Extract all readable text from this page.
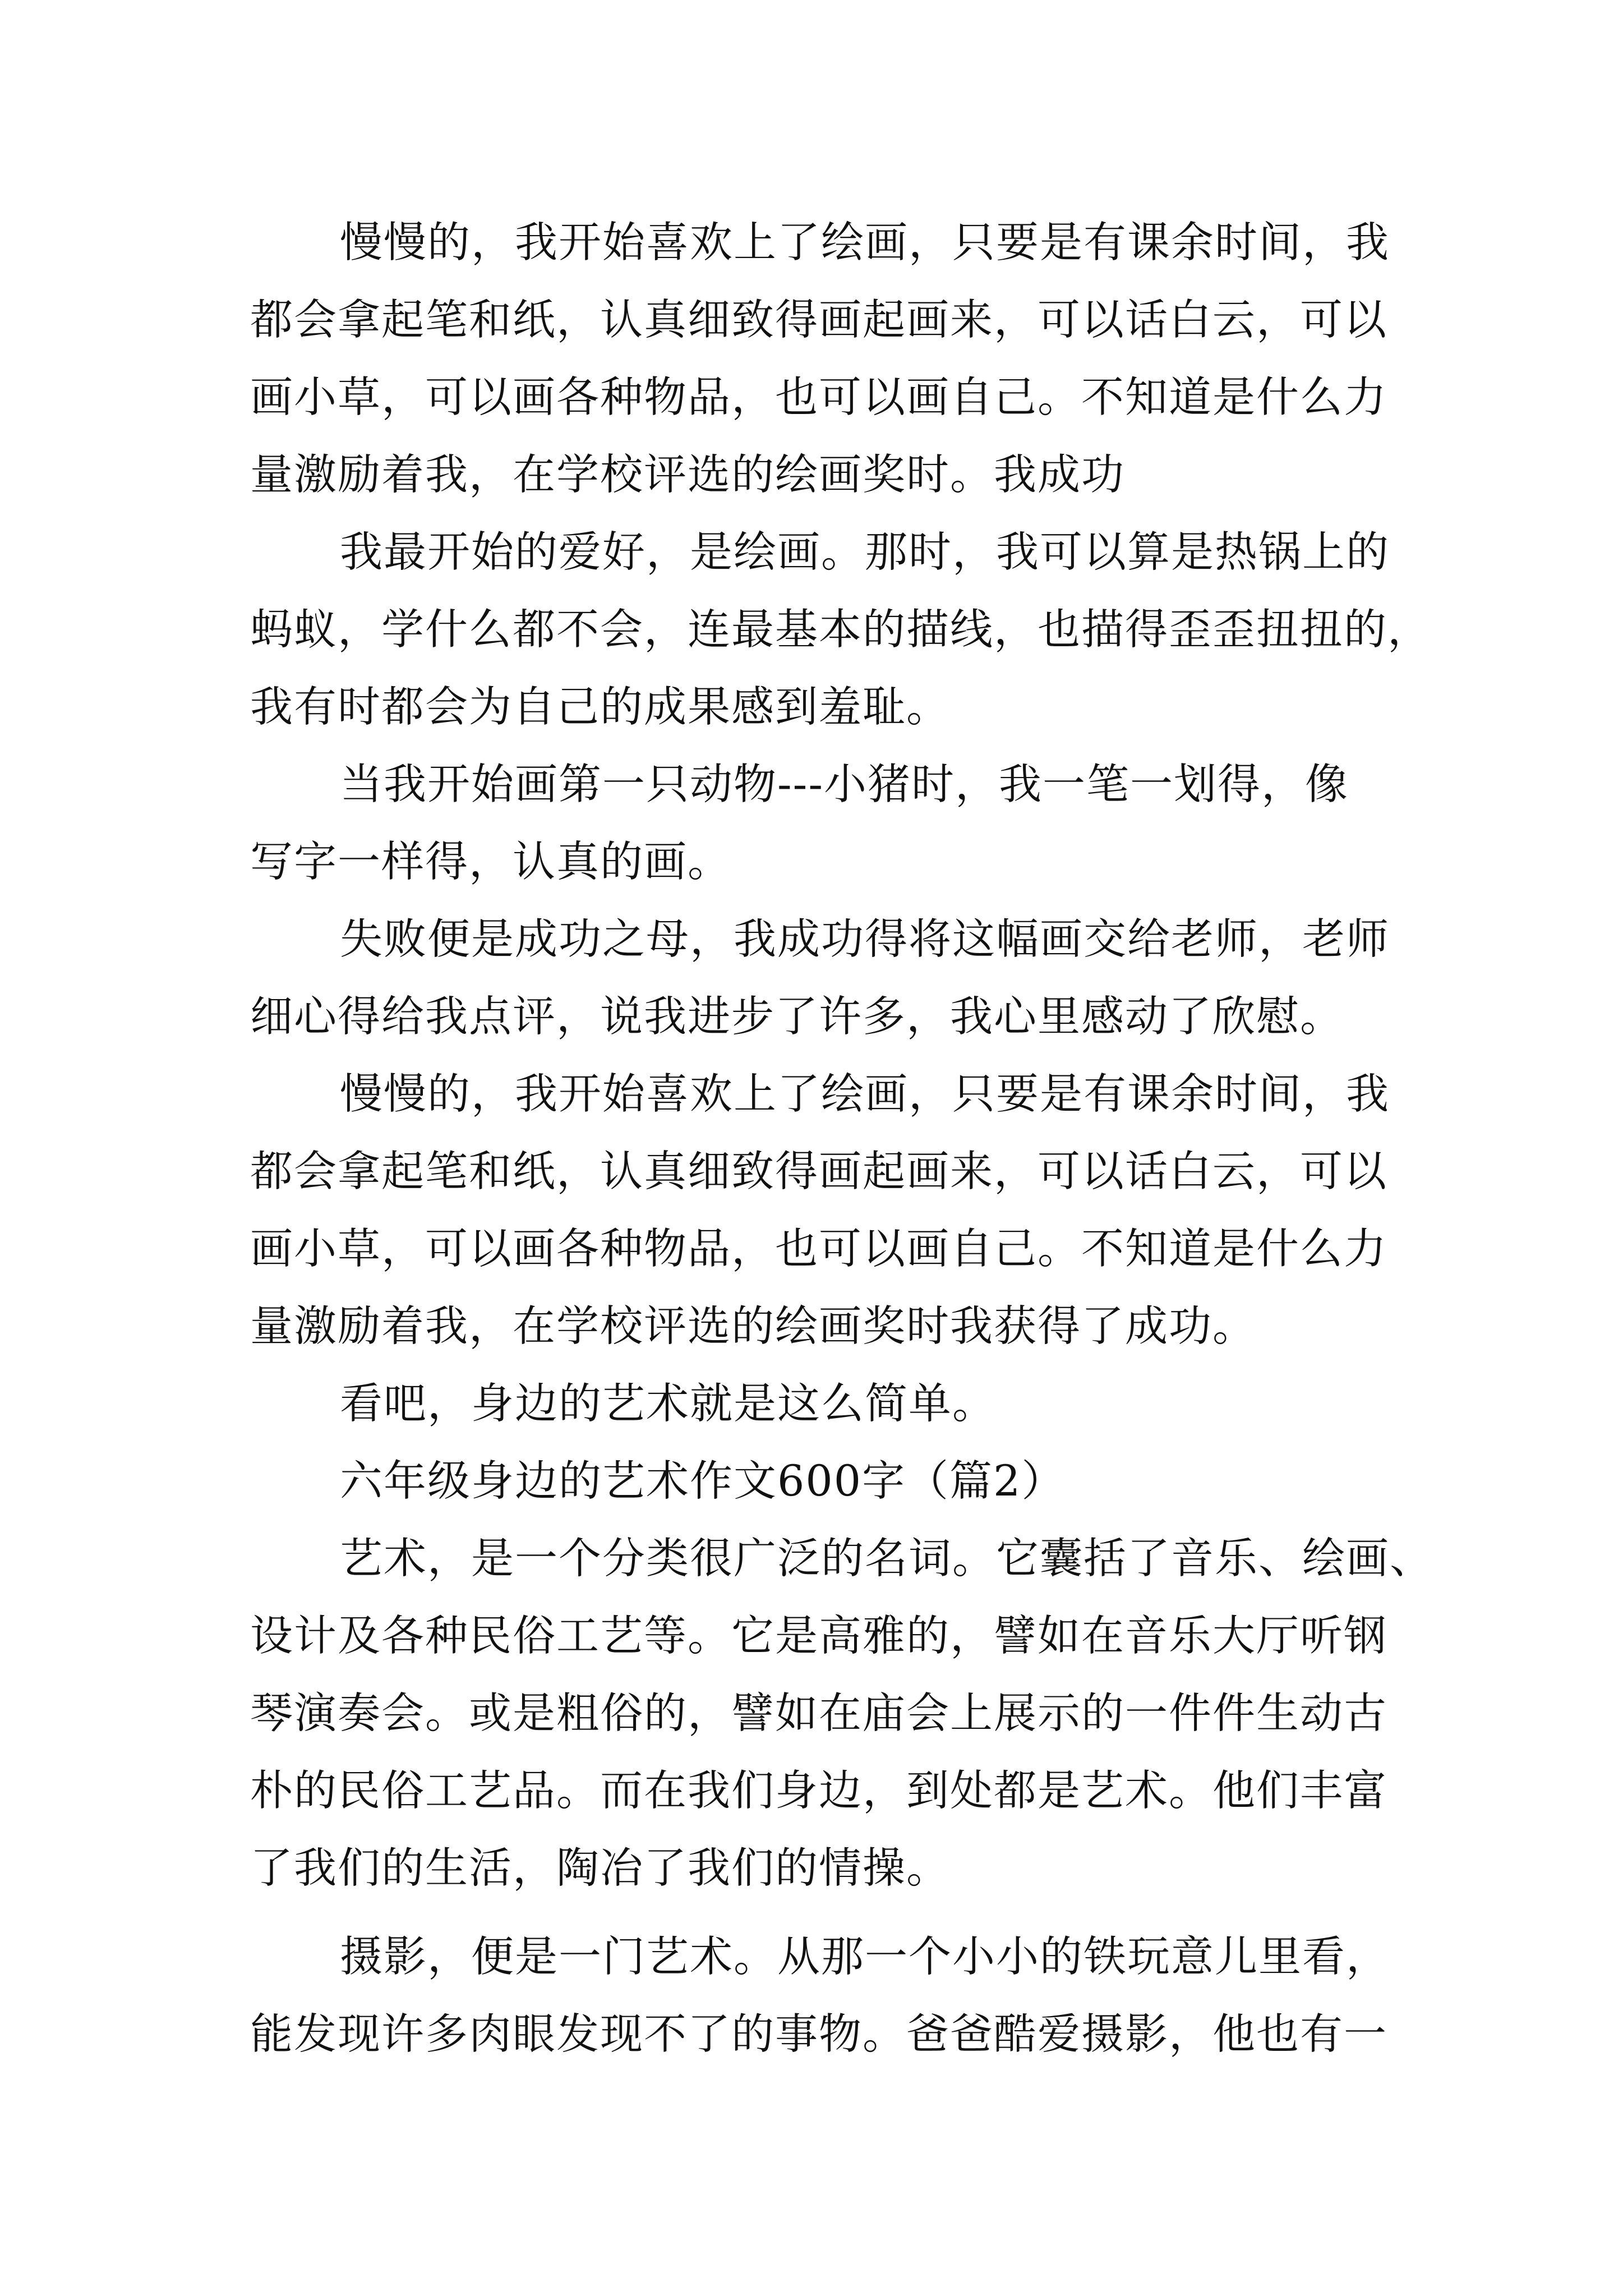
慢慢的，我开始喜欢上了绘画，只要是有课余时间，我
都会拿起笔和纸，认真细致得画起画来，可以话白云，可以
画小草，可以画各种物品，也可以画自己。不知道是什么力
量激励着我，在学校评选的绘画奖时。我成功
我最开始的爱好，是绘画。那时，我可以算是热锅上的
蚂蚁，学什么都不会，连最基本的描线，也描得歪歪扭扭的，
我有时都会为自己的成果感到羞耻。
当我开始画第一只动物---小猪时，我一笔一划得，像
写字一样得，认真的画。
失败便是成功之母，我成功得将这幅画交给老师，老师
细心得给我点评，说我进步了许多，我心里感动了欣慰。
慢慢的，我开始喜欢上了绘画，只要是有课余时间，我
都会拿起笔和纸，认真细致得画起画来，可以话白云，可以
画小草，可以画各种物品，也可以画自己。不知道是什么力
量激励着我，在学校评选的绘画奖时我获得了成功。
看吧，身边的艺术就是这么简单。
六年级身边的艺术作文600字（篇2）
艺术，是一个分类很广泛的名词。它囊括了音乐、绘画、
设计及各种民俗工艺等。它是高雅的，譬如在音乐大厅听钢
琴演奏会。或是粗俗的，譬如在庙会上展示的一件件生动古
朴的民俗工艺品。而在我们身边，到处都是艺术。他们丰富
了我们的生活，陶冶了我们的情操。
摄影，便是一门艺术。从那一个小小的铁玩意儿里看，
能发现许多肉眼发现不了的事物。爸爸酷爱摄影，他也有一
